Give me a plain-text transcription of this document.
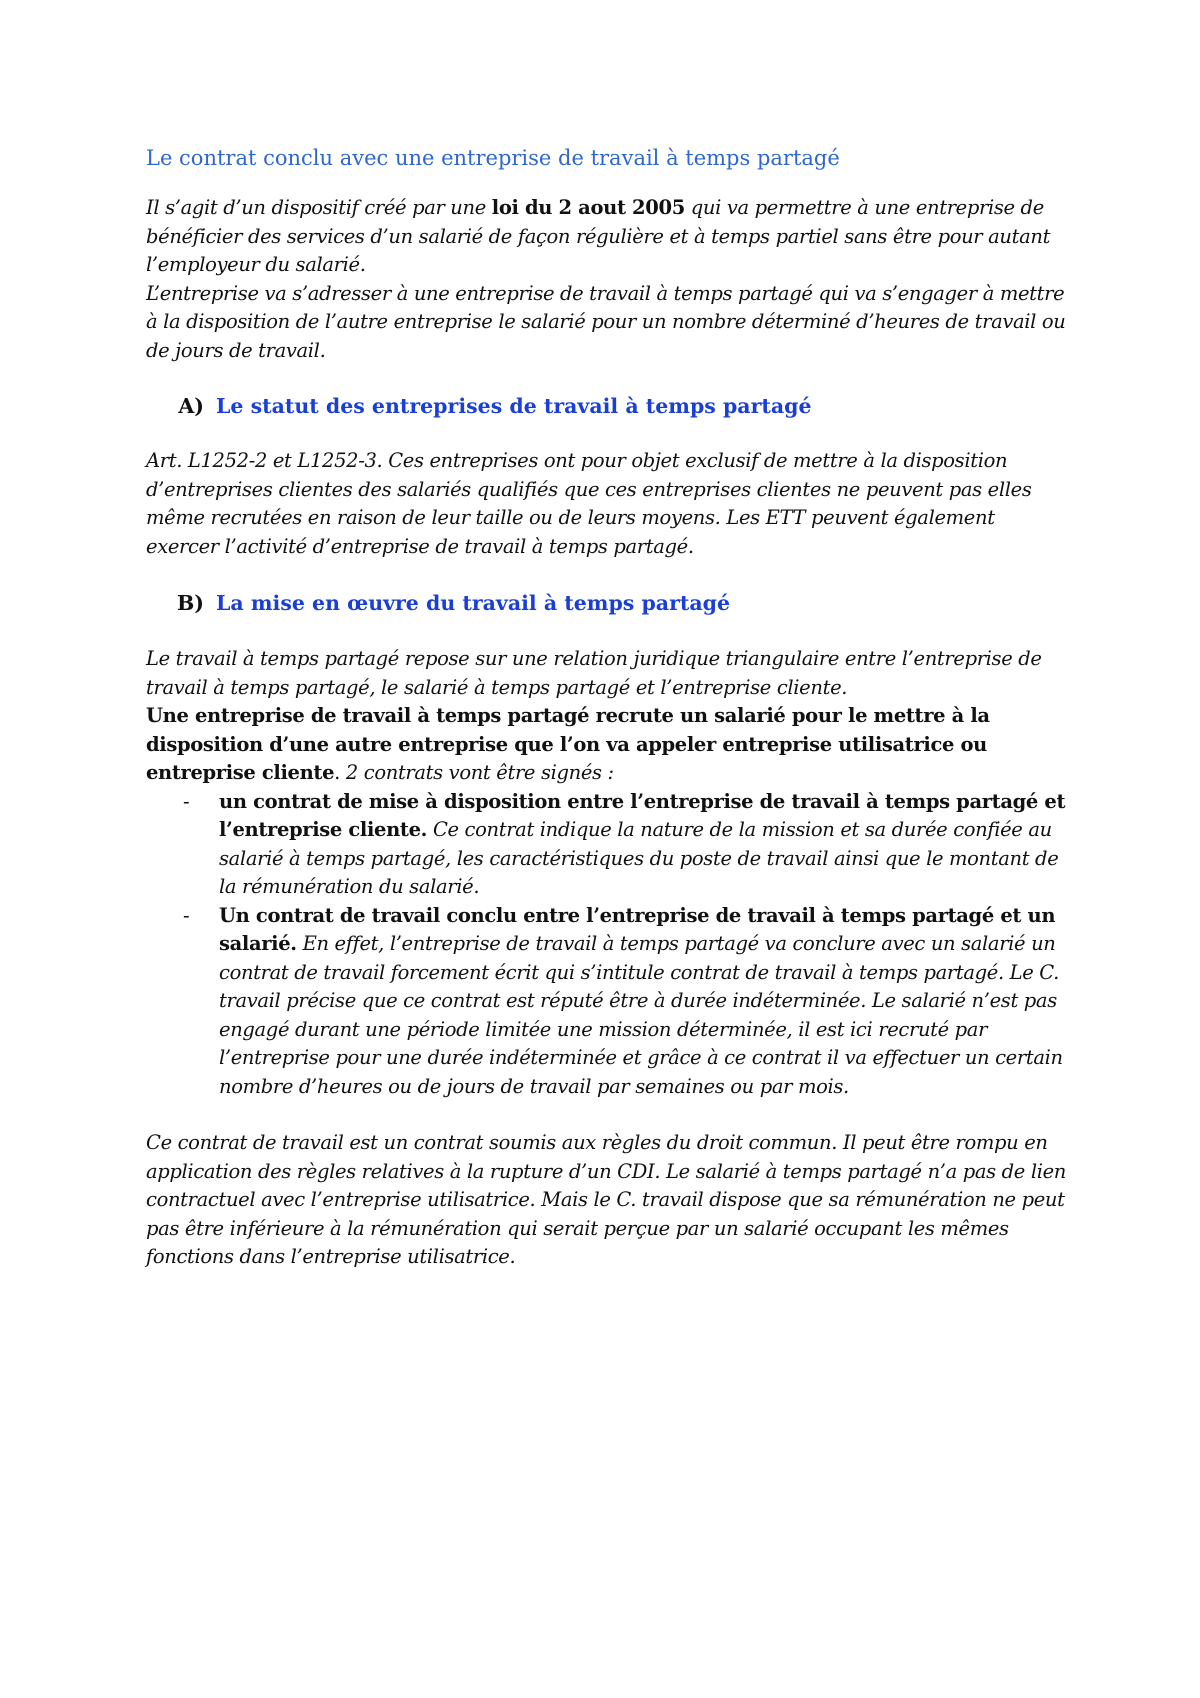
Le contrat conclu avec une entreprise de travail à temps partagé

Il s’agit d’un dispositif créé par une loi du 2 aout 2005 qui va permettre à une entreprise de bénéficier des services d’un salarié de façon régulière et à temps partiel sans être pour autant l’employeur du salarié.
L’entreprise va s’adresser à une entreprise de travail à temps partagé qui va s’engager à mettre à la disposition de l’autre entreprise le salarié pour un nombre déterminé d’heures de travail ou de jours de travail.

A) Le statut des entreprises de travail à temps partagé

Art. L1252-2 et L1252-3. Ces entreprises ont pour objet exclusif de mettre à la disposition d’entreprises clientes des salariés qualifiés que ces entreprises clientes ne peuvent pas elles même recrutées en raison de leur taille ou de leurs moyens. Les ETT peuvent également exercer l’activité d’entreprise de travail à temps partagé.

B) La mise en œuvre du travail à temps partagé

Le travail à temps partagé repose sur une relation juridique triangulaire entre l’entreprise de travail à temps partagé, le salarié à temps partagé et l’entreprise cliente.

Une entreprise de travail à temps partagé recrute un salarié pour le mettre à la disposition d’une autre entreprise que l’on va appeler entreprise utilisatrice ou entreprise cliente. 2 contrats vont être signés :

- un contrat de mise à disposition entre l’entreprise de travail à temps partagé et l’entreprise cliente. Ce contrat indique la nature de la mission et sa durée confiée au salarié à temps partagé, les caractéristiques du poste de travail ainsi que le montant de la rémunération du salarié.
- Un contrat de travail conclu entre l’entreprise de travail à temps partagé et un salarié. En effet, l’entreprise de travail à temps partagé va conclure avec un salarié un contrat de travail forcement écrit qui s’intitule contrat de travail à temps partagé. Le C. travail précise que ce contrat est réputé être à durée indéterminée. Le salarié n’est pas engagé durant une période limitée une mission déterminée, il est ici recruté par l’entreprise pour une durée indéterminée et grâce à ce contrat il va effectuer un certain nombre d’heures ou de jours de travail par semaines ou par mois.

Ce contrat de travail est un contrat soumis aux règles du droit commun. Il peut être rompu en application des règles relatives à la rupture d’un CDI. Le salarié à temps partagé n’a pas de lien contractuel avec l’entreprise utilisatrice. Mais le C. travail dispose que sa rémunération ne peut pas être inférieure à la rémunération qui serait perçue par un salarié occupant les mêmes fonctions dans l’entreprise utilisatrice.
